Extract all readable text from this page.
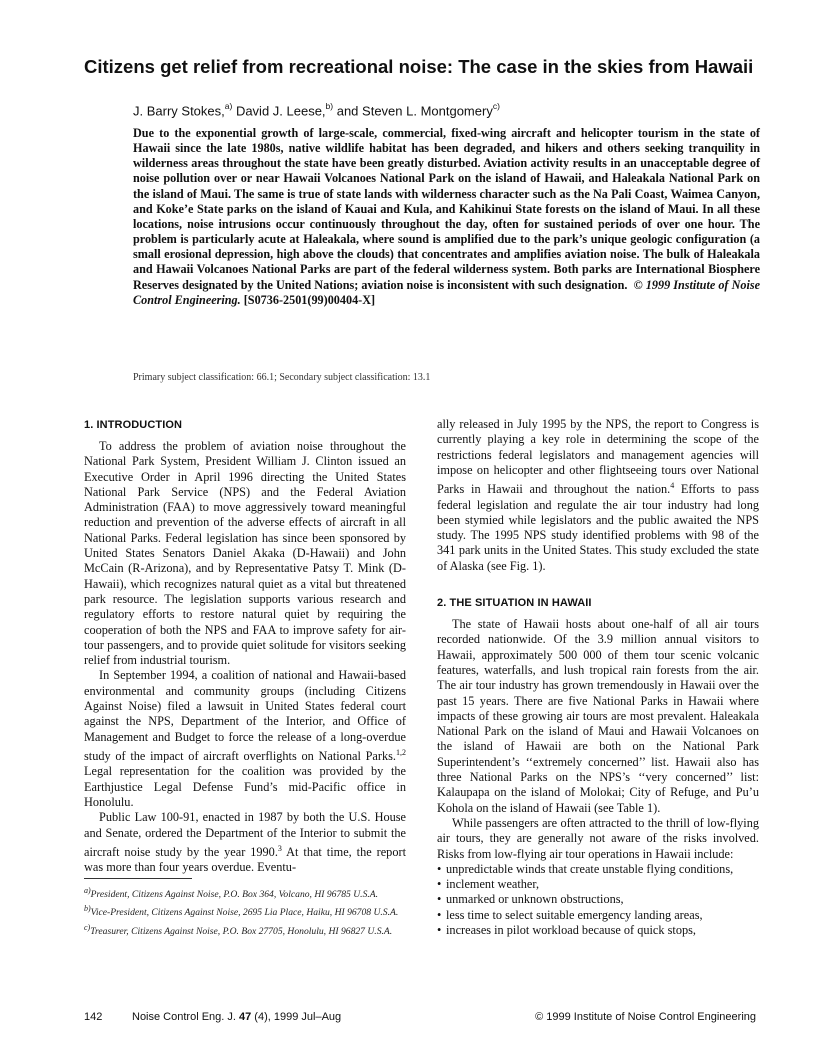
Citizens get relief from recreational noise: The case in the skies from Hawaii
J. Barry Stokes,$^{a)}$ David J. Leese,$^{b)}$ and Steven L. Montgomery$^{c)}$
Due to the exponential growth of large-scale, commercial, fixed-wing aircraft and helicopter tourism in the state of Hawaii since the late 1980s, native wildlife habitat has been degraded, and hikers and others seeking tranquility in wilderness areas throughout the state have been greatly disturbed. Aviation activity results in an unacceptable degree of noise pollution over or near Hawaii Volcanoes National Park on the island of Hawaii, and Haleakala National Park on the island of Maui. The same is true of state lands with wilderness character such as the Na Pali Coast, Waimea Canyon, and Koke’e State parks on the island of Kauai and Kula, and Kahikinui State forests on the island of Maui. In all these locations, noise intrusions occur continuously throughout the day, often for sustained periods of over one hour. The problem is particularly acute at Haleakala, where sound is amplified due to the park’s unique geologic configuration (a small erosional depression, high above the clouds) that concentrates and amplifies aviation noise. The bulk of Haleakala and Hawaii Volcanoes National Parks are part of the federal wilderness system. Both parks are International Biosphere Reserves designated by the United Nations; aviation noise is inconsistent with such designation. © 1999 Institute of Noise Control Engineering. [S0736-2501(99)00404-X]
Primary subject classification: 66.1; Secondary subject classification: 13.1
1. INTRODUCTION

To address the problem of aviation noise throughout the National Park System, President William J. Clinton issued an Executive Order in April 1996 directing the United States National Park Service (NPS) and the Federal Aviation Administration (FAA) to move aggressively toward meaningful reduction and prevention of the adverse effects of aircraft in all National Parks. Federal legislation has since been sponsored by United States Senators Daniel Akaka (D-Hawaii) and John McCain (R-Arizona), and by Representative Patsy T. Mink (D-Hawaii), which recognizes natural quiet as a vital but threatened park resource. The legislation supports various research and regulatory efforts to restore natural quiet by requiring the cooperation of both the NPS and FAA to improve safety for air-tour passengers, and to provide quiet solitude for visitors seeking relief from industrial tourism.

In September 1994, a coalition of national and Hawaii-based environmental and community groups (including Citizens Against Noise) filed a lawsuit in United States federal court against the NPS, Department of the Interior, and Office of Management and Budget to force the release of a long-overdue study of the impact of aircraft overflights on National Parks.$^{1,2}$ Legal representation for the coalition was provided by the Earthjustice Legal Defense Fund’s mid-Pacific office in Honolulu.

Public Law 100-91, enacted in 1987 by both the U.S. House and Senate, ordered the Department of the Interior to submit the aircraft noise study by the year 1990.$^3$ At that time, the report was more than four years overdue. Eventu-

ally released in July 1995 by the NPS, the report to Congress is currently playing a key role in determining the scope of the restrictions federal legislators and management agencies will impose on helicopter and other flightseeing tours over National Parks in Hawaii and throughout the nation.$^4$ Efforts to pass federal legislation and regulate the air tour industry had long been stymied while legislators and the public awaited the NPS study. The 1995 NPS study identified problems with 98 of the 341 park units in the United States. This study excluded the state of Alaska (see Fig. 1).

2. THE SITUATION IN HAWAII

The state of Hawaii hosts about one-half of all air tours recorded nationwide. Of the 3.9 million annual visitors to Hawaii, approximately 500 000 of them tour scenic volcanic features, waterfalls, and lush tropical rain forests from the air. The air tour industry has grown tremendously in Hawaii over the past 15 years. There are five National Parks in Hawaii where impacts of these growing air tours are most prevalent. Haleakala National Park on the island of Maui and Hawaii Volcanoes on the island of Hawaii are both on the National Park Superintendent’s ‘‘extremely concerned’’ list. Hawaii also has three National Parks on the NPS’s ‘‘very concerned’’ list: Kalaupapa on the island of Molokai; City of Refuge, and Pu’u Kohola on the island of Hawaii (see Table 1).

While passengers are often attracted to the thrill of low-flying air tours, they are generally not aware of the risks involved. Risks from low-flying air tour operations in Hawaii include:

• unpredictable winds that create unstable flying conditions,
• inclement weather,
• unmarked or unknown obstructions,
• less time to select suitable emergency landing areas,
• increases in pilot workload because of quick stops,
$^{a)}$President, Citizens Against Noise, P.O. Box 364, Volcano, HI 96785 U.S.A.
$^{b)}$Vice-President, Citizens Against Noise, 2695 Lia Place, Haiku, HI 96708 U.S.A.
$^{c)}$Treasurer, Citizens Against Noise, P.O. Box 27705, Honolulu, HI 96827 U.S.A.
142	Noise Control Eng. J. 47 (4), 1999 Jul–Aug	© 1999 Institute of Noise Control Engineering
